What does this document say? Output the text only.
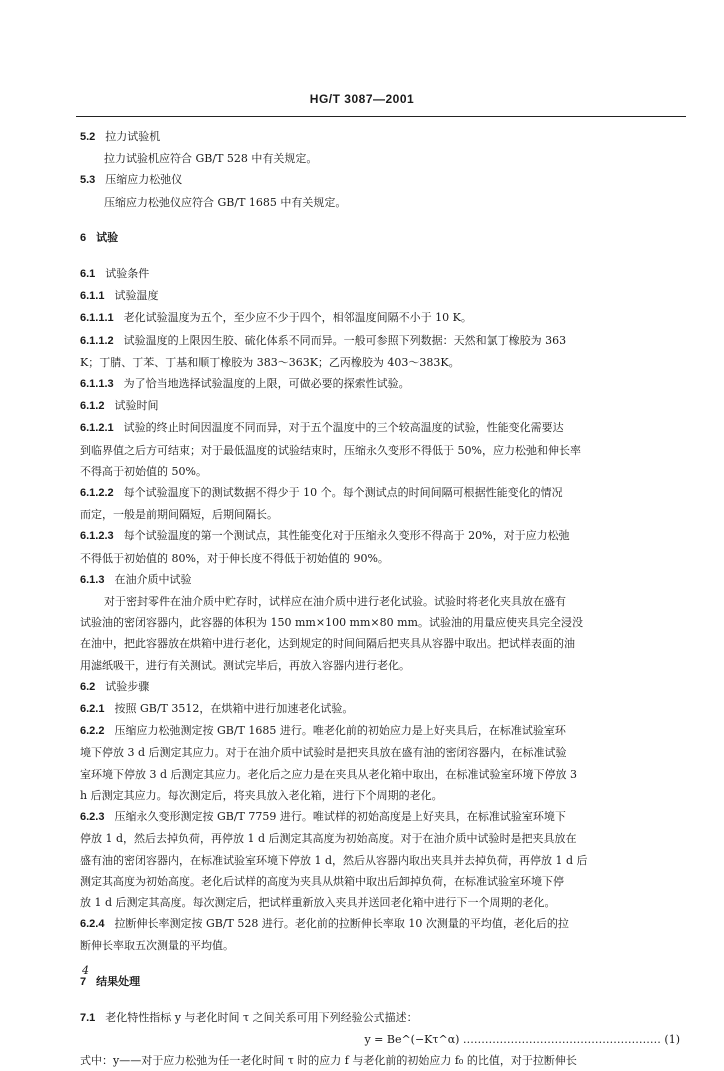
HG/T 3087—2001
5.2 拉力试验机
拉力试验机应符合 GB/T 528 中有关规定。
5.3 压缩应力松弛仪
压缩应力松弛仪应符合 GB/T 1685 中有关规定。
6 试验
6.1 试验条件
6.1.1 试验温度
6.1.1.1 老化试验温度为五个，至少应不少于四个，相邻温度间隔不小于 10 K。
6.1.1.2 试验温度的上限因生胶、硫化体系不同而异。一般可参照下列数据：天然和氯丁橡胶为 363
K；丁腈、丁苯、丁基和顺丁橡胶为 383～363K；乙丙橡胶为 403～383K。
6.1.1.3 为了恰当地选择试验温度的上限，可做必要的探索性试验。
6.1.2 试验时间
6.1.2.1 试验的终止时间因温度不同而异，对于五个温度中的三个较高温度的试验，性能变化需要达
到临界值之后方可结束；对于最低温度的试验结束时，压缩永久变形不得低于 50%，应力松弛和伸长率
不得高于初始值的 50%。
6.1.2.2 每个试验温度下的测试数据不得少于 10 个。每个测试点的时间间隔可根据性能变化的情况
而定，一般是前期间隔短，后期间隔长。
6.1.2.3 每个试验温度的第一个测试点，其性能变化对于压缩永久变形不得高于 20%，对于应力松弛
不得低于初始值的 80%，对于伸长度不得低于初始值的 90%。
6.1.3 在油介质中试验
对于密封零件在油介质中贮存时，试样应在油介质中进行老化试验。试验时将老化夹具放在盛有
试验油的密闭容器内，此容器的体积为 150 mm×100 mm×80 mm。试验油的用量应使夹具完全浸没
在油中，把此容器放在烘箱中进行老化，达到规定的时间间隔后把夹具从容器中取出。把试样表面的油
用滤纸吸干，进行有关测试。测试完毕后，再放入容器内进行老化。
6.2 试验步骤
6.2.1 按照 GB/T 3512，在烘箱中进行加速老化试验。
6.2.2 压缩应力松弛测定按 GB/T 1685 进行。唯老化前的初始应力是上好夹具后，在标准试验室环
境下停放 3 d 后测定其应力。对于在油介质中试验时是把夹具放在盛有油的密闭容器内，在标准试验
室环境下停放 3 d 后测定其应力。老化后之应力是在夹具从老化箱中取出，在标准试验室环境下停放 3
h 后测定其应力。每次测定后，将夹具放入老化箱，进行下个周期的老化。
6.2.3 压缩永久变形测定按 GB/T 7759 进行。唯试样的初始高度是上好夹具，在标准试验室环境下
停放 1 d，然后去掉负荷，再停放 1 d 后测定其高度为初始高度。对于在油介质中试验时是把夹具放在
盛有油的密闭容器内，在标准试验室环境下停放 1 d，然后从容器内取出夹具并去掉负荷，再停放 1 d 后
测定其高度为初始高度。老化后试样的高度为夹具从烘箱中取出后卸掉负荷，在标准试验室环境下停
放 1 d 后测定其高度。每次测定后，把试样重新放入夹具并送回老化箱中进行下一个周期的老化。
6.2.4 拉断伸长率测定按 GB/T 528 进行。老化前的拉断伸长率取 10 次测量的平均值，老化后的拉
断伸长率取五次测量的平均值。
7 结果处理
7.1 老化特性指标 y 与老化时间 τ 之间关系可用下列经验公式描述：
y = Be^(−Kτ^α) ……………………………………………… (1)
式中：y——对于应力松弛为任一老化时间 τ 时的应力 f 与老化前的初始应力 f₀ 的比值，对于拉断伸长
4
